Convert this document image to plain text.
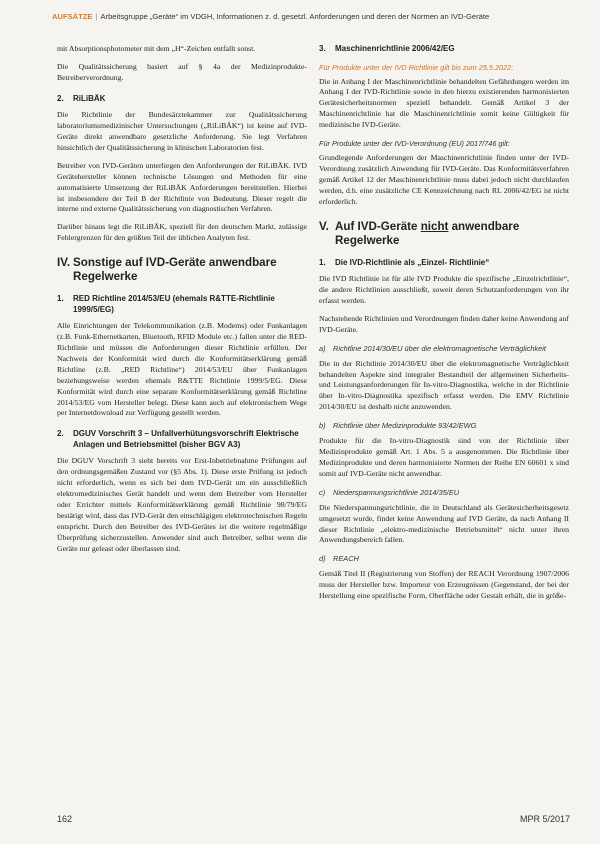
AUFSÄTZE | Arbeitsgruppe „Geräte“ im VDGH, Informationen z. d. gesetzl. Anforderungen und deren der Normen an IVD-Geräte

mit Absorptionsphotometer mit dem „H“-Zeichen entfallt sonst.

Die Qualitätssicherung basiert auf § 4a der Medizinprodukte-Betreiberverordnung.

2.	RiLiBÄK

Die Richtlinie der Bundesärztekammer zur Qualitätssicherung laboratoriumsmedizinischer Untersuchungen („RiLiBÄK“) ist keine auf IVD-Geräte direkt anwendbare gesetzliche Anforderung. Sie legt Verfahren hinsichtlich der Qualitätssicherung in klinischen Laboratorien fest.

Betreiber von IVD-Geräten unterliegen den Anforderungen der RiLiBÄK. IVD Gerätehersteller können technische Lösungen und Methoden für eine automatisierte Umsetzung der RiLiBÄK Anforderungen bereitstellen. Hierbei ist insbesondere der Teil B der Richtlinie von Bedeutung. Dieser regelt die interne und externe Qualitätssicherung von diagnostischen Verfahren.

Darüber hinaus legt die RiLiBÄK, speziell für den deutschen Markt, zulässige Fehlergrenzen für den größten Teil der üblichen Analyten fest.

IV. Sonstige auf IVD-Geräte anwendbare Regelwerke
1.	RED Richtline 2014/53/EU (ehemals R&TTE-Richtlinie 1999/5/EG)

Alle Einrichtungen der Telekommunikation (z.B. Modems) oder Funkanlagen (z.B. Funk-Ethernetkarten, Bluetooth, RFID Module etc.) fallen unter die RED-Richtlinie und müssen die Anforderungen dieser Richtlinie erfüllen. Der Nachweis der Konformität wird durch die Konformitätserklärung gemäß Richtline (z.B. „RED Richtline“) 2014/53/EU über Funkanlagen beziehungsweise werden ehemals R&TTE Richtlinie 1999/5/EG. Diese Konformität wird durch eine separate Konformitätserklärung gemäß Richtline 2014/53/EG vom Hersteller belegt. Diese kann auch auf elektronischem Wege per Internetdownload zur Verfügung gestellt werden.

2.	DGUV Vorschrift 3 – Unfallverhütungsvorschrift Elektrische Anlagen und Betriebsmittel (bisher BGV A3)

Die DGUV Vorschrift 3 sieht bereits vor Erst-Inbetriebnahme Prüfungen auf den ordnungsgemäßen Zustand vor (§5 Abs. 1). Diese erste Prüfung ist jedoch nicht erforderlich, wenn es sich bei dem IVD-Gerät um ein ausschließlich elektromedizinisches Gerät handelt und wenn dem Betreiber vom Hersteller oder Errichter mittels Konformitätserklärung gemäß Richtlinie 98/79/EG bestätigt wird, dass das IVD-Gerät den einschlägigen elektrotechnischen Regeln entspricht. Durch den Betreiber des IVD-Gerätes ist die weitere regelmäßige Überprüfung sicherzustellen. Anwender sind auch Betreiber, selbst wenn die Geräte nur geleast oder überlassen sind.

3.	Maschinenrichtlinie 2006/42/EG
Für Produkte unter der IVD Richtlinie gilt bis zum 25.5.2022:

Die in Anhang I der Maschinenrichtlinie behandelten Gefährdungen werden im Anhang I der IVD-Richtlinie sowie in den hierzu existierenden harmonisierten Gerätesicherheitsnormen speziell behandelt. Gemäß Artikel 3 der Maschinenrichtlinie hat die Maschinenrichtlinie somit keine Gültigkeit für medizinische IVD-Geräte.

Für Produkte unter der IVD-Verordnung (EU) 2017/746 gilt:

Grundlegende Anforderungen der Maschinenrichtlinie finden unter der IVD-Verordnung zusätzlich Anwendung für IVD-Geräte. Das Konformitätsverfahren gemäß Artikel 12 der Maschinenrichtlinie muss dabei jedoch nicht durchlaufen werden, d.h. eine zusätzliche CE Kennzeichnung nach RL 2006/42/EG ist nicht erforderlich.

V. Auf IVD-Geräte nicht anwendbare Regelwerke
1.	Die IVD-Richtlinie als „Einzel- Richtlinie“

Die IVD Richtlinie ist für alle IVD Produkte die spezifische „Einzelrichtlinie“, die andere Richtlinien ausschließt, soweit deren Schutzanforderungen von ihr erfasst werden.

Nachstehende Richtlinien und Verordnungen finden daher keine Anwendung auf IVD-Geräte.

a)	Richtline 2014/30/EU über die elektromagnetische Verträglichkeit

Die in der Richtlinie 2014/30/EU über die elektromagnetische Verträglichkeit behandelten Aspekte sind integraler Bestandteil der allgemeinen Sicherheits- und Leistungsanforderungen für In-vitro-Diagnostika, welche in der Richtlinie über In-vitro-Diagnostika spezifisch erfasst werden. Die EMV Richtlinie 2014/30/EU ist deshalb nicht anzuwenden.

b)	Richtlinie über Medizinprodukte 93/42/EWG

Produkte für die In-vitro-Diagnostik sind von der Richtlinie über Medizinprodukte gemäß Art. 1 Abs. 5 a ausgenommen. Die Richtlinie über Medizinprodukte und deren harmonisierte Normen der Reihe EN 60601 x sind somit auf IVD-Geräte nicht anwendbar.

c)	Niederspannungsrichtlinie 2014/35/EU

Die Niederspannungsrichtlinie, die in Deutschland als Gerätesicherheitsgesetz umgesetzt wurde, findet keine Anwendung auf IVD Geräte, da nach Anhang II dieser Richtlinie „elektro-medizinische Betriebsmittel“ nicht unter ihren Anwendungsbereich fallen.

d)	REACH

Gemäß Titel II (Registrierung von Stoffen) der REACH Verordnung 1907/2006 muss der Hersteller bzw. Importeur von Erzeugnissen (Gegenstand, der bei der Herstellung eine spezifische Form, Oberfläche oder Gestalt erhält, die in größe-

162	MPR 5/2017
